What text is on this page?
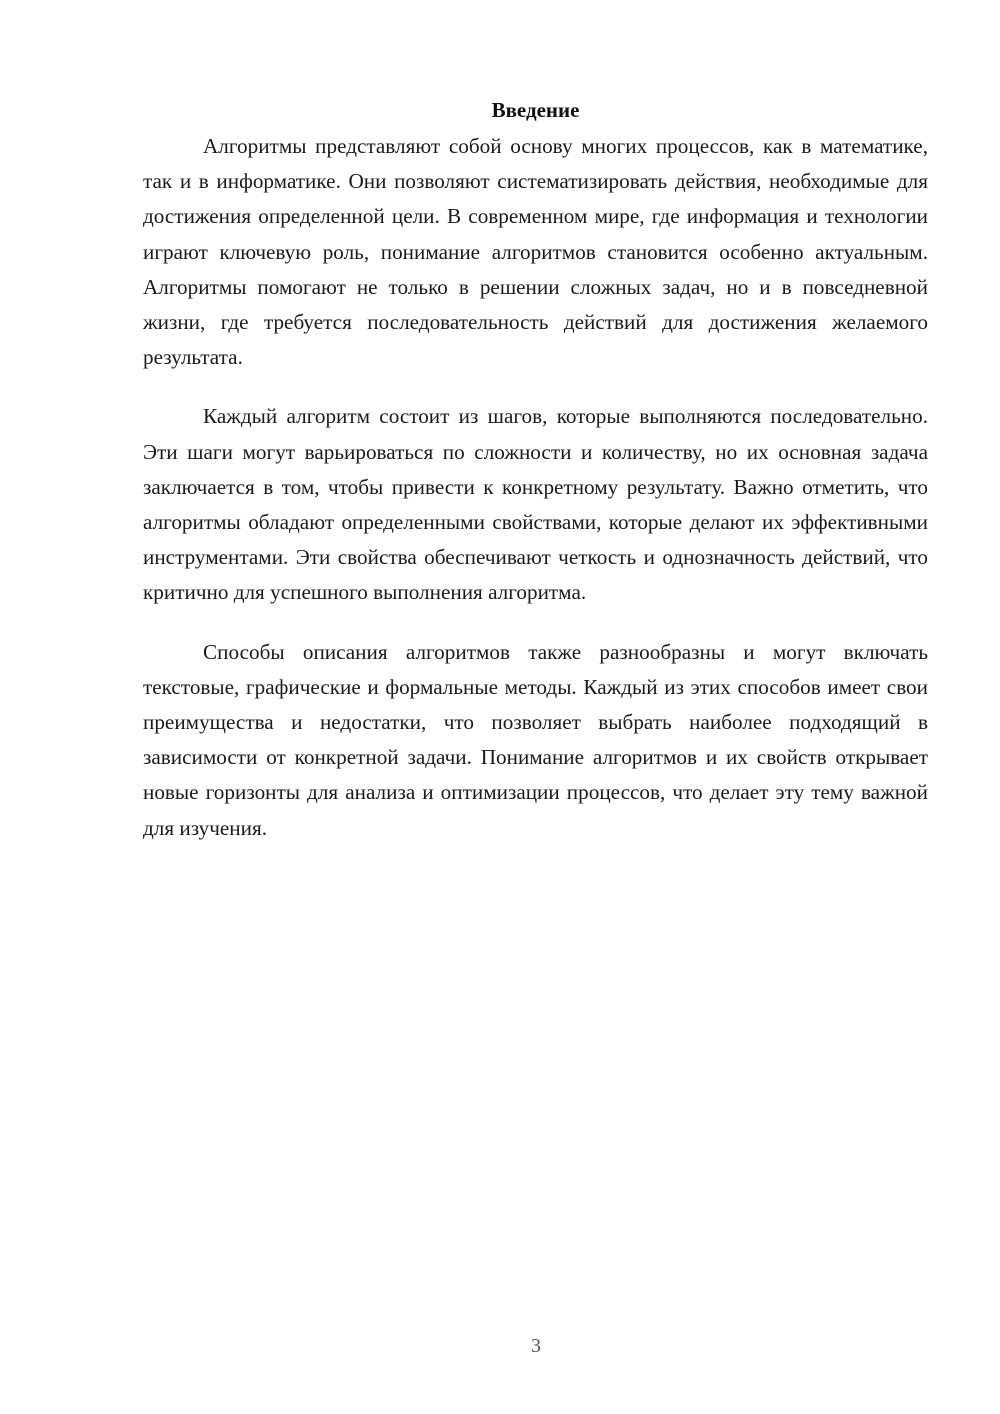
Введение

Алгоритмы представляют собой основу многих процессов, как в математике, так и в информатике. Они позволяют систематизировать действия, необходимые для достижения определенной цели. В современном мире, где информация и технологии играют ключевую роль, понимание алгоритмов становится особенно актуальным. Алгоритмы помогают не только в решении сложных задач, но и в повседневной жизни, где требуется последовательность действий для достижения желаемого результата.

Каждый алгоритм состоит из шагов, которые выполняются последовательно. Эти шаги могут варьироваться по сложности и количеству, но их основная задача заключается в том, чтобы привести к конкретному результату. Важно отметить, что алгоритмы обладают определенными свойствами, которые делают их эффективными инструментами. Эти свойства обеспечивают четкость и однозначность действий, что критично для успешного выполнения алгоритма.

Способы описания алгоритмов также разнообразны и могут включать текстовые, графические и формальные методы. Каждый из этих способов имеет свои преимущества и недостатки, что позволяет выбрать наиболее подходящий в зависимости от конкретной задачи. Понимание алгоритмов и их свойств открывает новые горизонты для анализа и оптимизации процессов, что делает эту тему важной для изучения.

3
